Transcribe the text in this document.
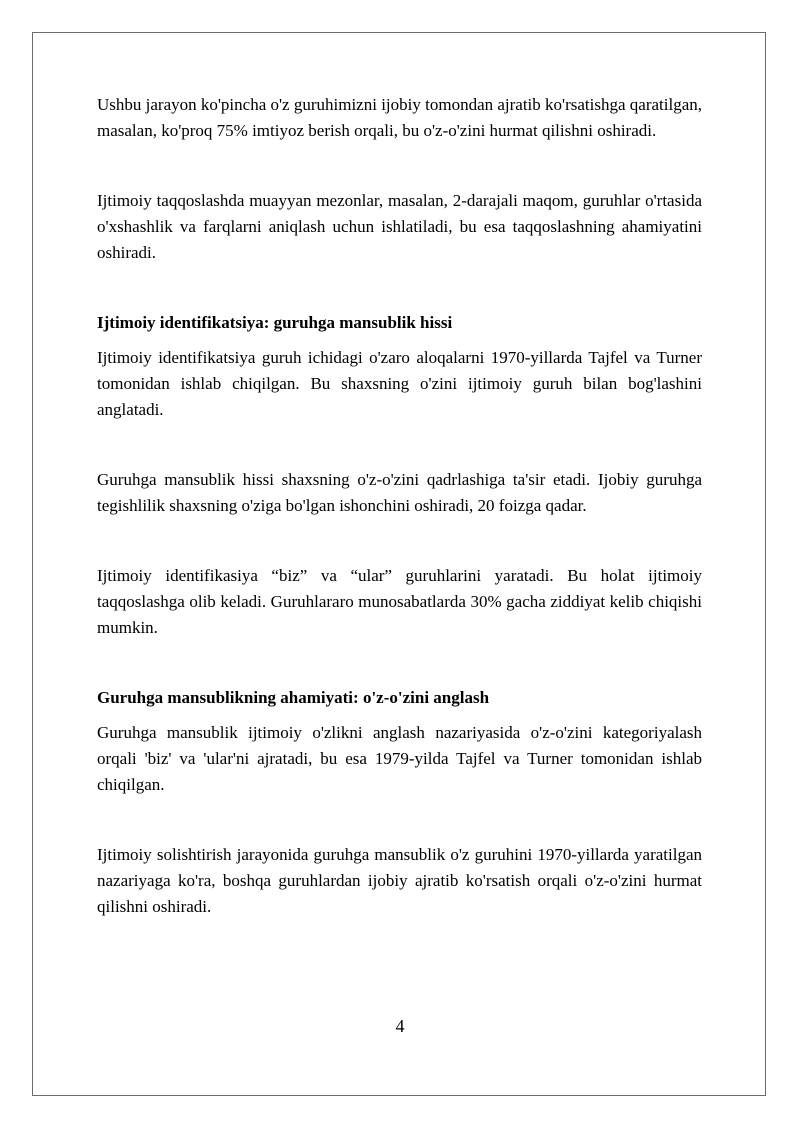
Ushbu jarayon ko'pincha o'z guruhimizni ijobiy tomondan ajratib ko'rsatishga qaratilgan, masalan, ko'proq 75% imtiyoz berish orqali, bu o'z-o'zini hurmat qilishni oshiradi.

Ijtimoiy taqqoslashda muayyan mezonlar, masalan, 2-darajali maqom, guruhlar o'rtasida o'xshashlik va farqlarni aniqlash uchun ishlatiladi, bu esa taqqoslashning ahamiyatini oshiradi.

Ijtimoiy identifikatsiya: guruhga mansublik hissi

Ijtimoiy identifikatsiya guruh ichidagi o'zaro aloqalarni 1970-yillarda Tajfel va Turner tomonidan ishlab chiqilgan. Bu shaxsning o'zini ijtimoiy guruh bilan bog'lashini anglatadi.

Guruhga mansublik hissi shaxsning o'z-o'zini qadrlashiga ta'sir etadi. Ijobiy guruhga tegishlilik shaxsning o'ziga bo'lgan ishonchini oshiradi, 20 foizga qadar.

Ijtimoiy identifikasiya “biz” va “ular” guruhlarini yaratadi. Bu holat ijtimoiy taqqoslashga olib keladi. Guruhlararo munosabatlarda 30% gacha ziddiyat kelib chiqishi mumkin.

Guruhga mansublikning ahamiyati: o'z-o'zini anglash

Guruhga mansublik ijtimoiy o'zlikni anglash nazariyasida o'z-o'zini kategoriyalash orqali 'biz' va 'ular'ni ajratadi, bu esa 1979-yilda Tajfel va Turner tomonidan ishlab chiqilgan.

Ijtimoiy solishtirish jarayonida guruhga mansublik o'z guruhini 1970-yillarda yaratilgan nazariyaga ko'ra, boshqa guruhlardan ijobiy ajratib ko'rsatish orqali o'z-o'zini hurmat qilishni oshiradi.

4
